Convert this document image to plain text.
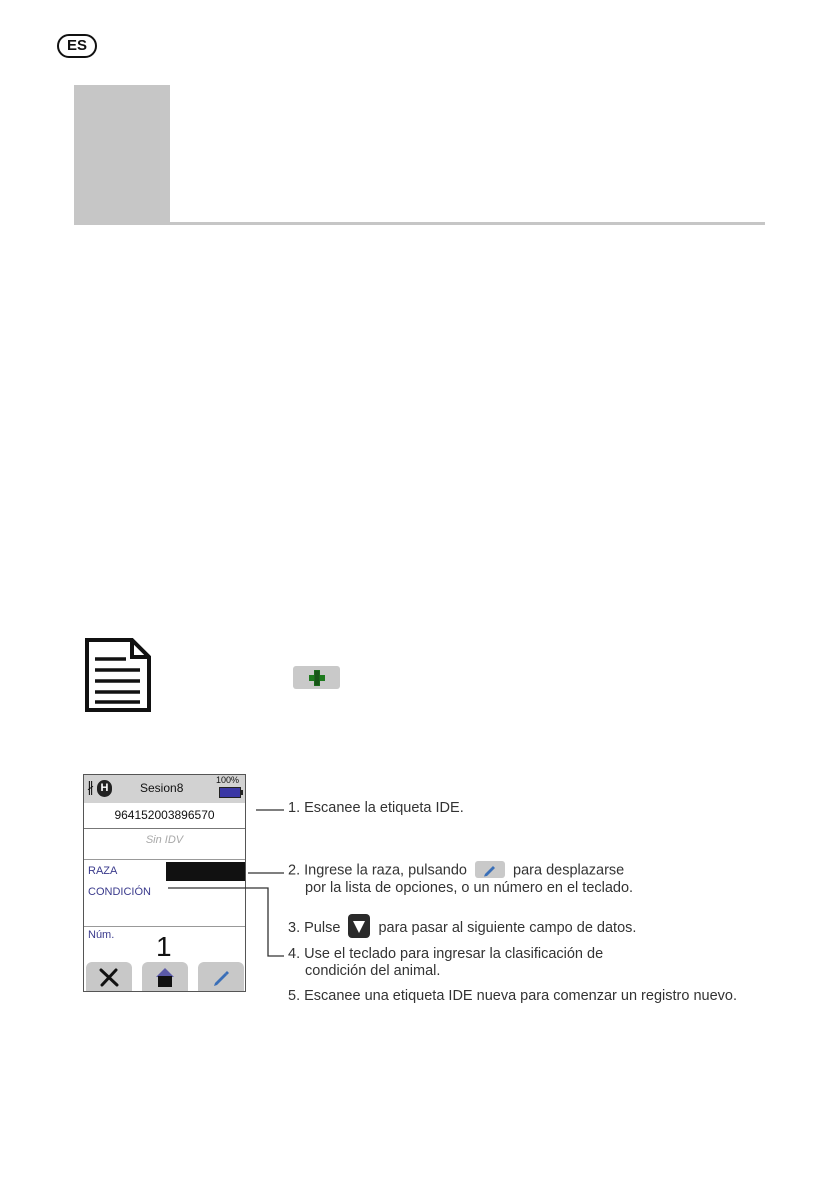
ES
∦ H	Sesion8
100%
964152003896570
Sin IDV
RAZA
CONDICIÓN
Núm. 1
1. Escanee la etiqueta IDE.
2. Ingrese la raza, pulsando	para desplazarse
por la lista de opciones, o un número en el teclado.
3. Pulse	para pasar al siguiente campo de datos.
4. Use el teclado para ingresar la clasificación de
condición del animal.
5. Escanee una etiqueta IDE nueva para comenzar un registro nuevo.
